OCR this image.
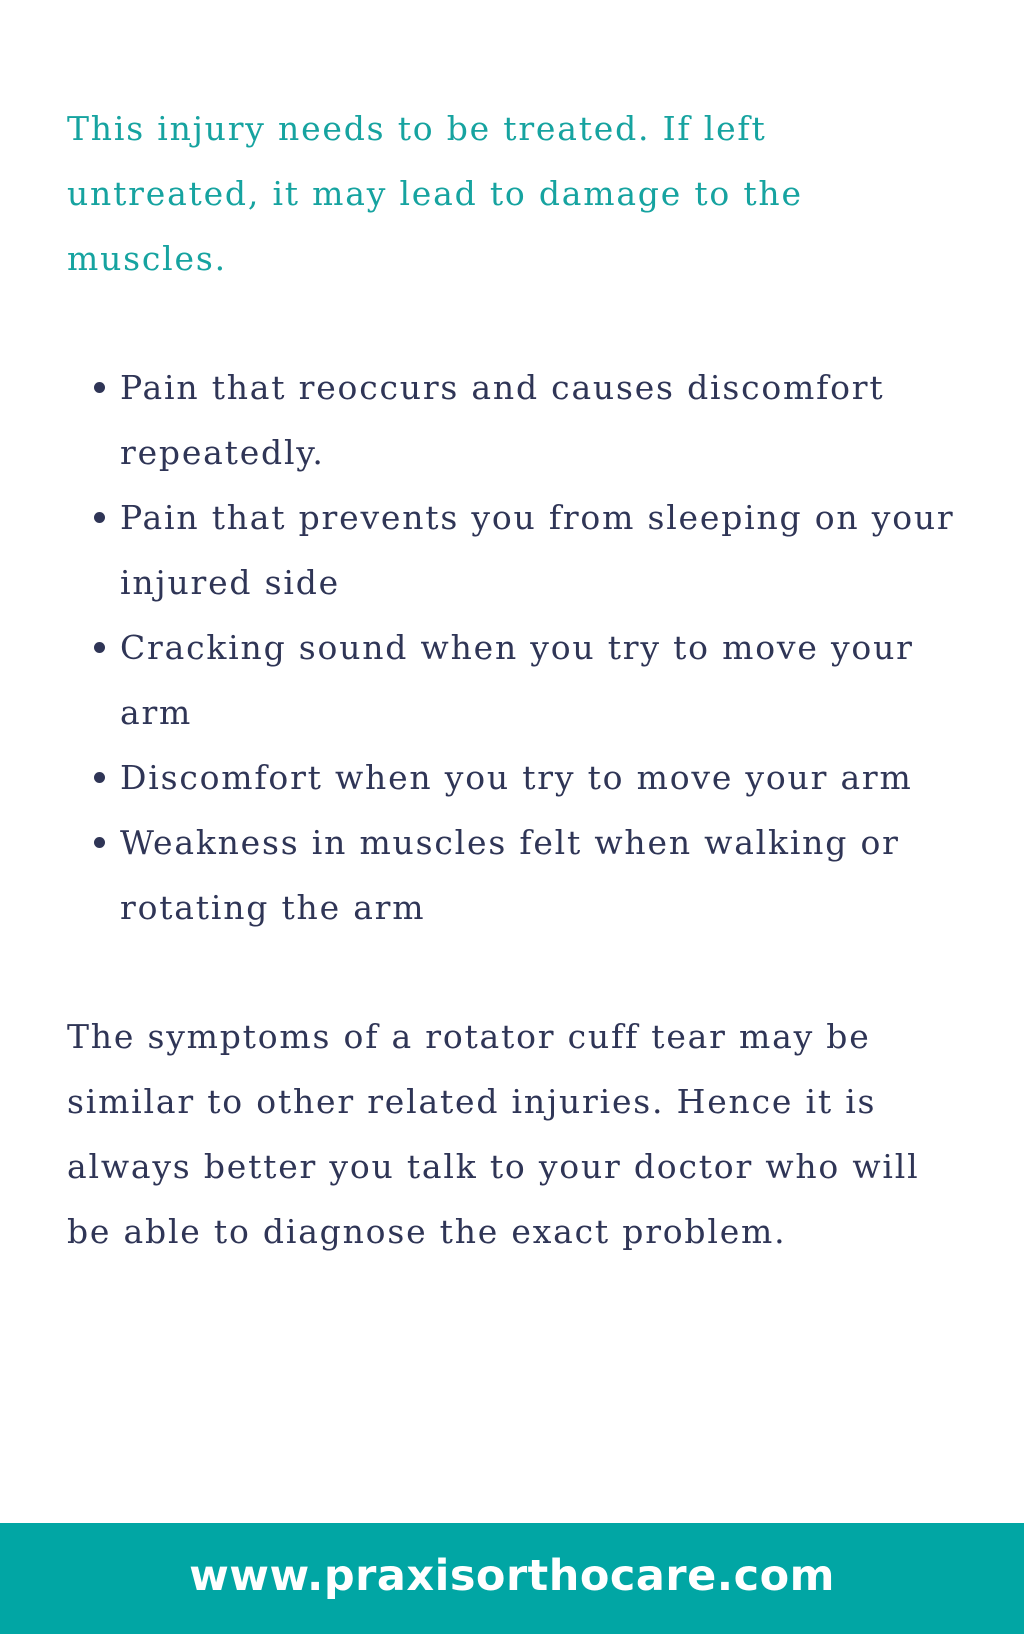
This injury needs to be treated. If left untreated, it may lead to damage to the muscles.

Pain that reoccurs and causes discomfort repeatedly.
Pain that prevents you from sleeping on your injured side
Cracking sound when you try to move your arm
Discomfort when you try to move your arm
Weakness in muscles felt when walking or rotating the arm

The symptoms of a rotator cuff tear may be similar to other related injuries. Hence it is always better you talk to your doctor who will be able to diagnose the exact problem.

www.praxisorthocare.com
